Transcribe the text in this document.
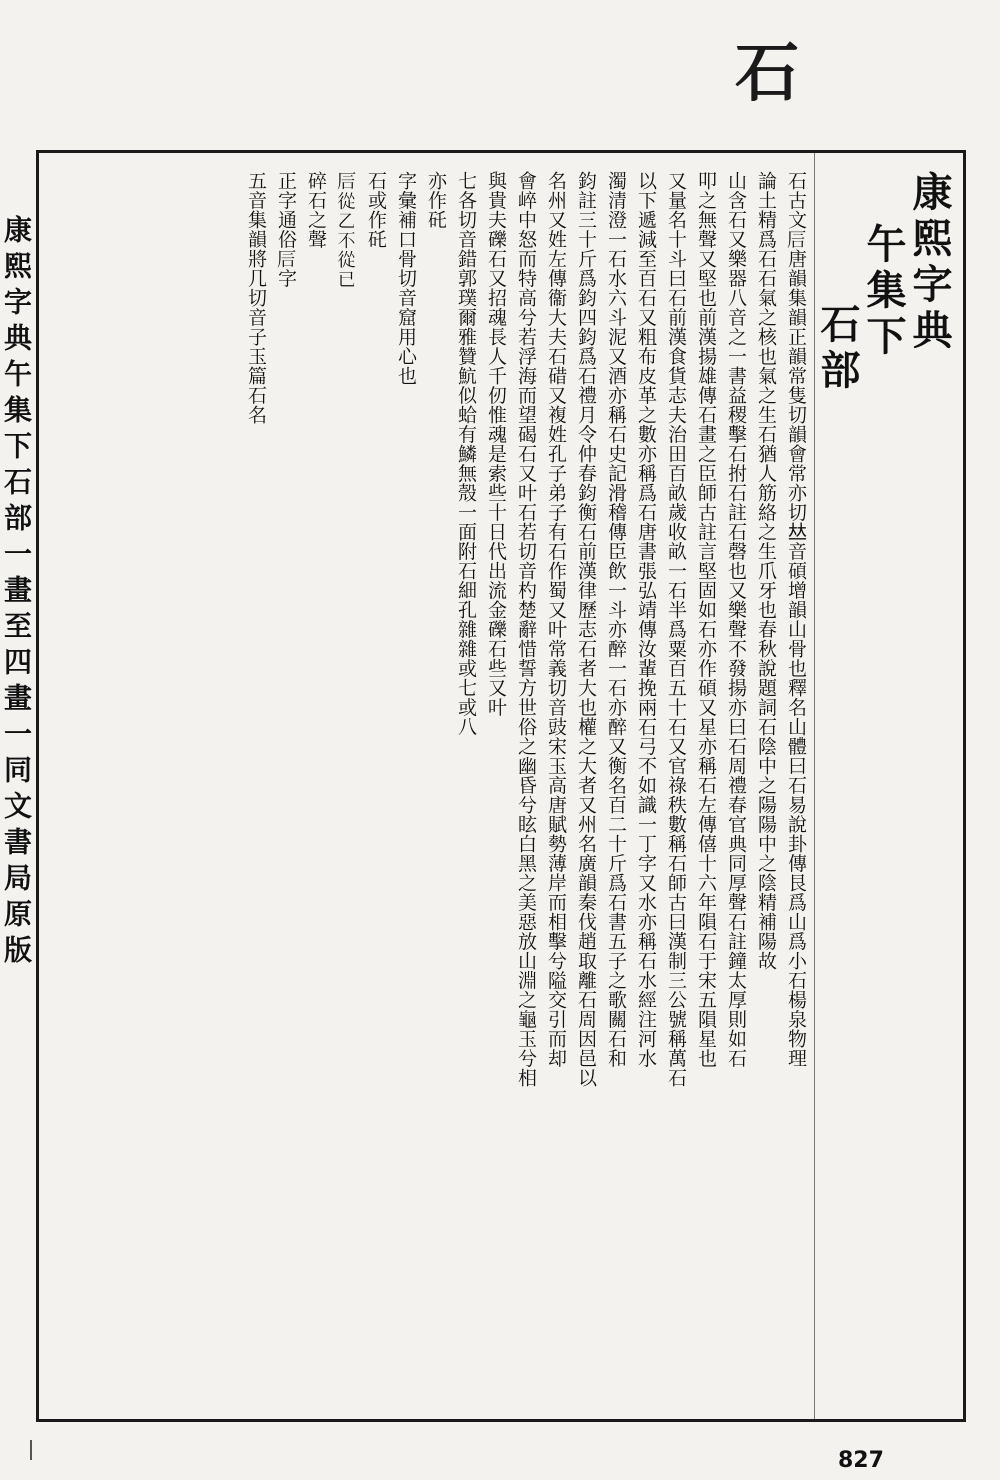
石
康熙字典
午集下
石部
石古文𥐘唐韻集韻正韻常隻切韻會常亦切𠀤音碩增韻山骨也釋名山體曰石易說卦傳艮爲山爲小石楊泉物理
論土精爲石石氣之核也氣之生石猶人筋絡之生爪牙也春秋說題詞石陰中之陽陽中之陰精補陽故
山含石又樂器八音之一書益稷擊石拊石註石磬也又樂聲不發揚亦曰石周禮春官典同厚聲石註鐘太厚則如石
叩之無聲又堅也前漢揚雄傳石畫之臣師古註言堅固如石亦作碩又星亦稱石左傳僖十六年隕石于宋五隕星也
又量名十斗曰石前漢食貨志夫治田百畝歲收畝一石半爲粟百五十石又官祿秩數稱石師古曰漢制三公號稱萬石
以下遞減至百石又粗布皮革之數亦稱爲石唐書張弘靖傳汝輩挽兩石弓不如識一丁字又水亦稱石水經注河水
濁清澄一石水六斗泥又酒亦稱石史記滑稽傳臣飲一斗亦醉一石亦醉又衡名百二十斤爲石書五子之歌關石和
鈞註三十斤爲鈞四鈞爲石禮月令仲春鈞衡石前漢律歷志石者大也權之大者又州名廣韻秦伐趙取離石周因邑以
名州又姓左傳衞大夫石碏又複姓孔子弟子有石作蜀又叶常義切音豉宋玉高唐賦勢薄岸而相擊兮隘交引而却
會崪中怒而特高兮若浮海而望碣石又叶石若切音杓楚辭惜誓方世俗之幽昏兮眩白黑之美惡放山淵之龜玉兮相
與貴夫礫石又招魂長人千仞惟魂是索些十日代出流金礫石些又叶
七各切音錯郭璞爾雅贊魧似蛤有鱗無殼一面附石細孔雜雜或七或八
亦作矺
字彙補口骨切音窟用心也
石或作矺
𥐘從乙不從已
碎石之聲
正字通俗𥐘字
五音集韻將几切音子玉篇石名
康熙字典
午集下
石部
一畫至四畫
一
同文書局原版
827
